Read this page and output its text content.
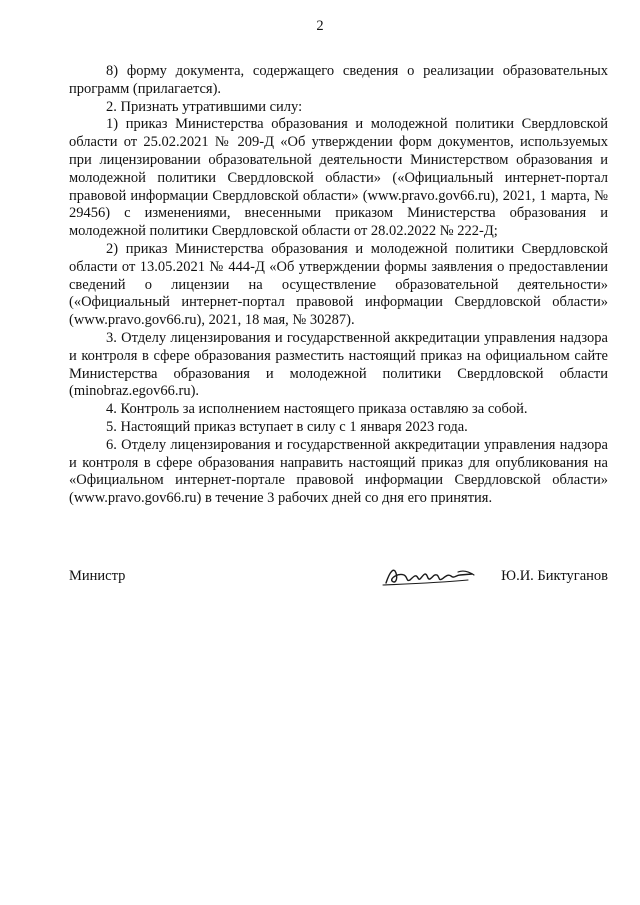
2

8) форму документа, содержащего сведения о реализации образовательных программ (прилагается).

2. Признать утратившими силу:

1) приказ Министерства образования и молодежной политики Свердловской области от 25.02.2021 № 209-Д «Об утверждении форм документов, используемых при лицензировании образовательной деятельности Министерством образования и молодежной политики Свердловской области» («Официальный интернет-портал правовой информации Свердловской области» (www.pravo.gov66.ru), 2021, 1 марта, № 29456) с изменениями, внесенными приказом Министерства образования и молодежной политики Свердловской области от 28.02.2022 № 222-Д;

2) приказ Министерства образования и молодежной политики Свердловской области от 13.05.2021 № 444-Д «Об утверждении формы заявления о предоставлении сведений о лицензии на осуществление образовательной деятельности» («Официальный интернет-портал правовой информации Свердловской области» (www.pravo.gov66.ru), 2021, 18 мая, № 30287).

3. Отделу лицензирования и государственной аккредитации управления надзора и контроля в сфере образования разместить настоящий приказ на официальном сайте Министерства образования и молодежной политики Свердловской области (minobraz.egov66.ru).

4. Контроль за исполнением настоящего приказа оставляю за собой.

5. Настоящий приказ вступает в силу с 1 января 2023 года.

6. Отделу лицензирования и государственной аккредитации управления надзора и контроля в сфере образования направить настоящий приказ для опубликования на «Официальном интернет-портале правовой информации Свердловской области» (www.pravo.gov66.ru) в течение 3 рабочих дней со дня его принятия.

Министр	Ю.И. Биктуганов
